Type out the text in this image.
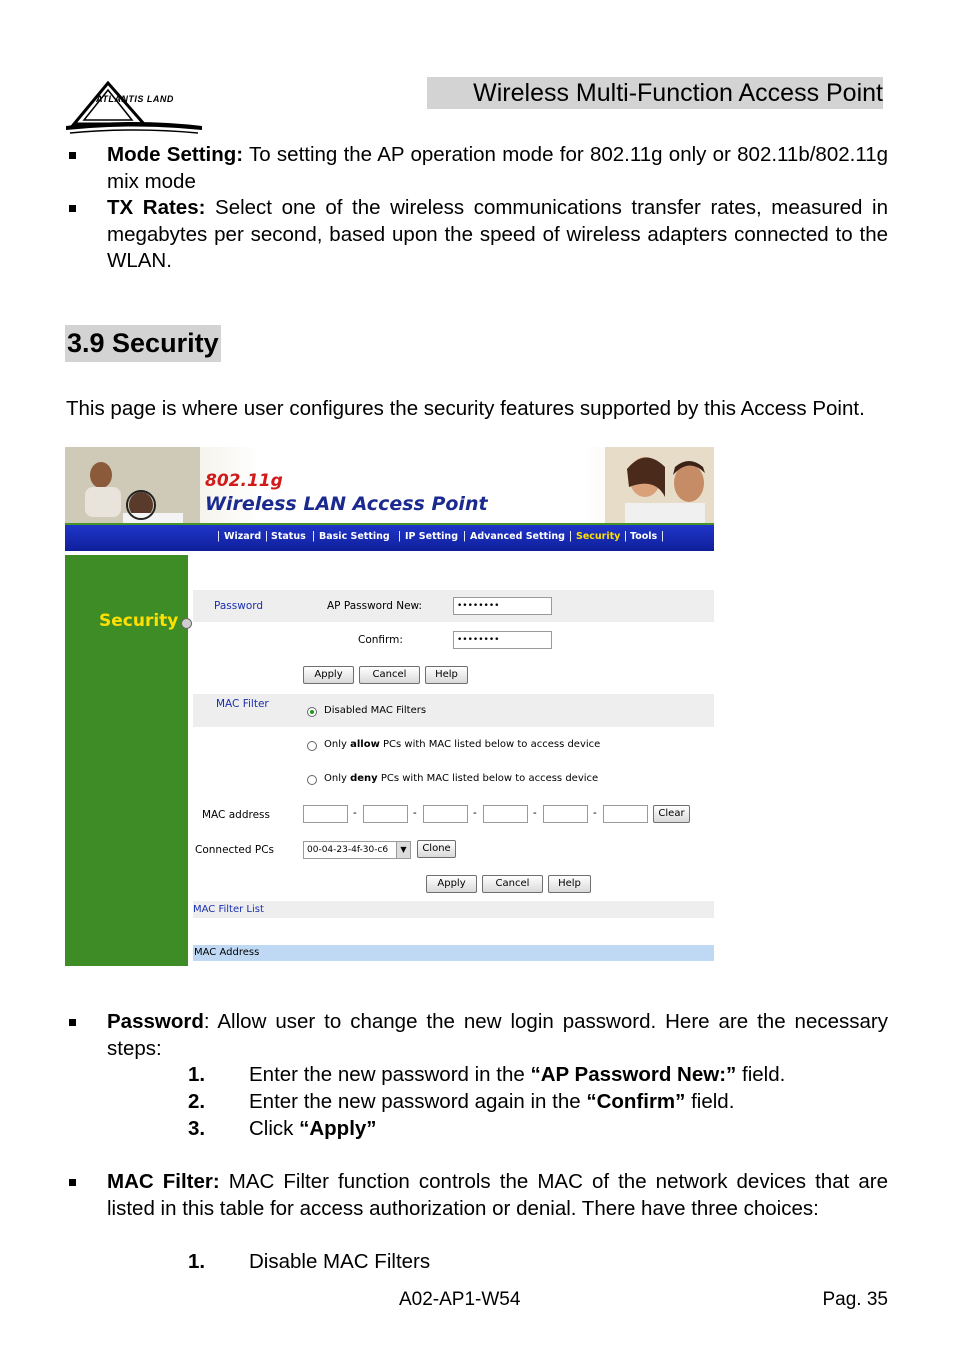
ATLANTIS LAND	Wireless Multi-Function Access Point
Mode Setting: To setting the AP operation mode for 802.11g only or 802.11b/802.11g mix mode
TX Rates: Select one of the wireless communications transfer rates, measured in megabytes per second, based upon the speed of wireless adapters connected to the WLAN.
3.9 Security
This page is where user configures the security features supported by this Access Point.
802.11g
Wireless LAN Access Point
| Wizard | Status | Basic Setting | IP Setting | Advanced Setting | Security | Tools |
Security
Password	AP Password New:	••••••••
Confirm:	••••••••
Apply	Cancel	Help
MAC Filter
Disabled MAC Filters
Only allow PCs with MAC listed below to access device
Only deny PCs with MAC listed below to access device
MAC address	-	-	-	-	-	Clear
Connected PCs	00-04-23-4f-30-c6	▼	Clone
Apply	Cancel	Help
MAC Filter List
MAC Address
Password: Allow user to change the new login password. Here are the necessary steps:
1. Enter the new password in the “AP Password New:” field.
2. Enter the new password again in the “Confirm” field.
3. Click “Apply”
MAC Filter: MAC Filter function controls the MAC of the network devices that are listed in this table for access authorization or denial. There have three choices:
1. Disable MAC Filters
A02-AP1-W54	Pag. 35
